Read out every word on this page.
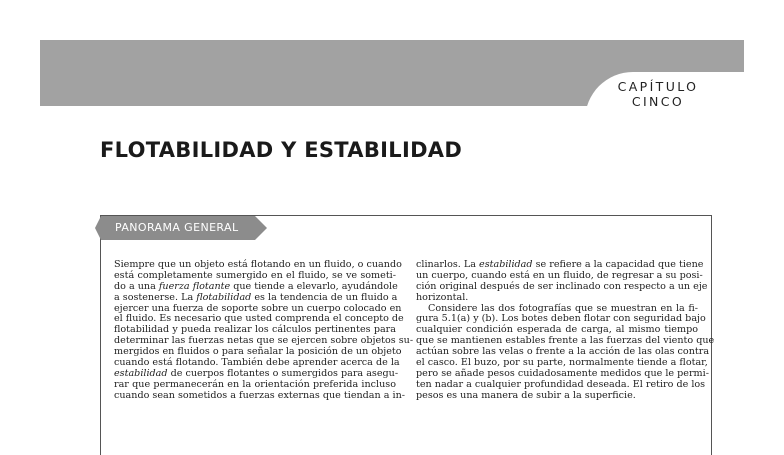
CAPÍTULO
CINCO
FLOTABILIDAD Y ESTABILIDAD
PANORAMA GENERAL
Siempre que un objeto está flotando en un fluido, o cuando
está completamente sumergido en el fluido, se ve someti-
do a una fuerza flotante que tiende a elevarlo, ayudándole
a sostenerse. La flotabilidad es la tendencia de un fluido a
ejercer una fuerza de soporte sobre un cuerpo colocado en
el fluido. Es necesario que usted comprenda el concepto de
flotabilidad y pueda realizar los cálculos pertinentes para
determinar las fuerzas netas que se ejercen sobre objetos su-
mergidos en fluidos o para señalar la posición de un objeto
cuando está flotando. También debe aprender acerca de la
estabilidad de cuerpos flotantes o sumergidos para asegu-
rar que permanecerán en la orientación preferida incluso
cuando sean sometidos a fuerzas externas que tiendan a in-
clinarlos. La estabilidad se refiere a la capacidad que tiene
un cuerpo, cuando está en un fluido, de regresar a su posi-
ción original después de ser inclinado con respecto a un eje
horizontal.
Considere las dos fotografías que se muestran en la fi-
gura 5.1(a) y (b). Los botes deben flotar con seguridad bajo
cualquier condición esperada de carga, al mismo tiempo
que se mantienen estables frente a las fuerzas del viento que
actúan sobre las velas o frente a la acción de las olas contra
el casco. El buzo, por su parte, normalmente tiende a flotar,
pero se añade pesos cuidadosamente medidos que le permi-
ten nadar a cualquier profundidad deseada. El retiro de los
pesos es una manera de subir a la superficie.
